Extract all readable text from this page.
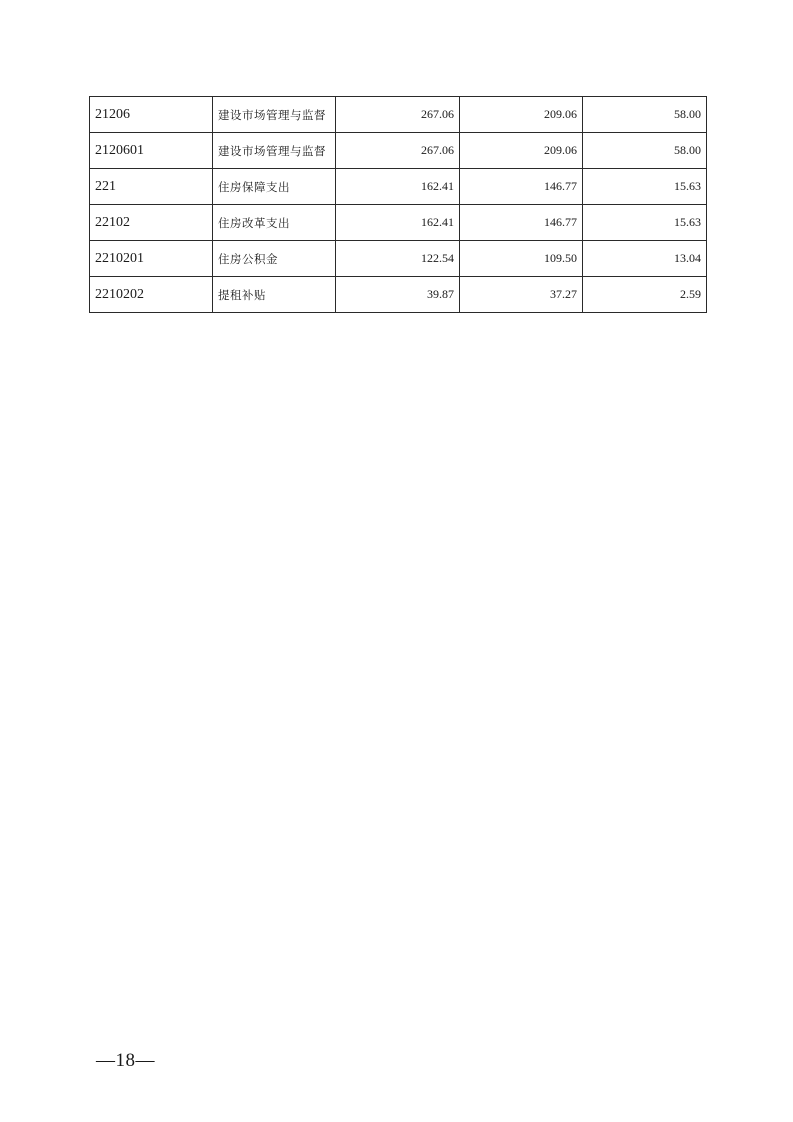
21206	建设市场管理与监督	267.06	209.06	58.00
2120601	建设市场管理与监督	267.06	209.06	58.00
221	住房保障支出	162.41	146.77	15.63
22102	住房改革支出	162.41	146.77	15.63
2210201	住房公积金	122.54	109.50	13.04
2210202	提租补贴	39.87	37.27	2.59
—18—
